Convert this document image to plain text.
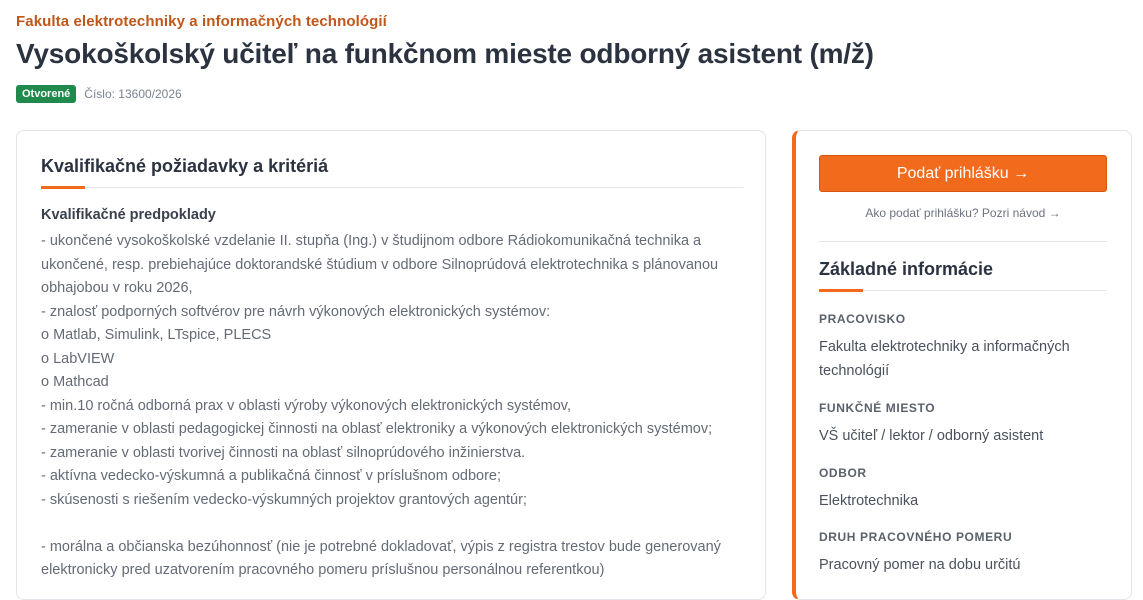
Fakulta elektrotechniky a informačných technológií
Vysokoškolský učiteľ na funkčnom mieste odborný asistent (m/ž)
Otvorené	Číslo: 13600/2026
Kvalifikačné požiadavky a kritériá
Kvalifikačné predpoklady
- ukončené vysokoškolské vzdelanie II. stupňa (Ing.) v študijnom odbore Rádiokomunikačná technika a
ukončené, resp. prebiehajúce doktorandské štúdium v odbore Silnoprúdová elektrotechnika s plánovanou
obhajobou v roku 2026,
- znalosť podporných softvérov pre návrh výkonových elektronických systémov:
o Matlab, Simulink, LTspice, PLECS
o LabVIEW
o Mathcad
- min.10 ročná odborná prax v oblasti výroby výkonových elektronických systémov,
- zameranie v oblasti pedagogickej činnosti na oblasť elektroniky a výkonových elektronických systémov;
- zameranie v oblasti tvorivej činnosti na oblasť silnoprúdového inžinierstva.
- aktívna vedecko-výskumná a publikačná činnosť v príslušnom odbore;
- skúsenosti s riešením vedecko-výskumných projektov grantových agentúr;
- morálna a občianska bezúhonnosť (nie je potrebné dokladovať, výpis z registra trestov bude generovaný
elektronicky pred uzatvorením pracovného pomeru príslušnou personálnou referentkou)
Podať prihlášku →
Ako podať prihlášku? Pozri návod →
Základné informácie
PRACOVISKO
Fakulta elektrotechniky a informačných technológií
FUNKČNÉ MIESTO
VŠ učiteľ / lektor / odborný asistent
ODBOR
Elektrotechnika
DRUH PRACOVNÉHO POMERU
Pracovný pomer na dobu určitú
